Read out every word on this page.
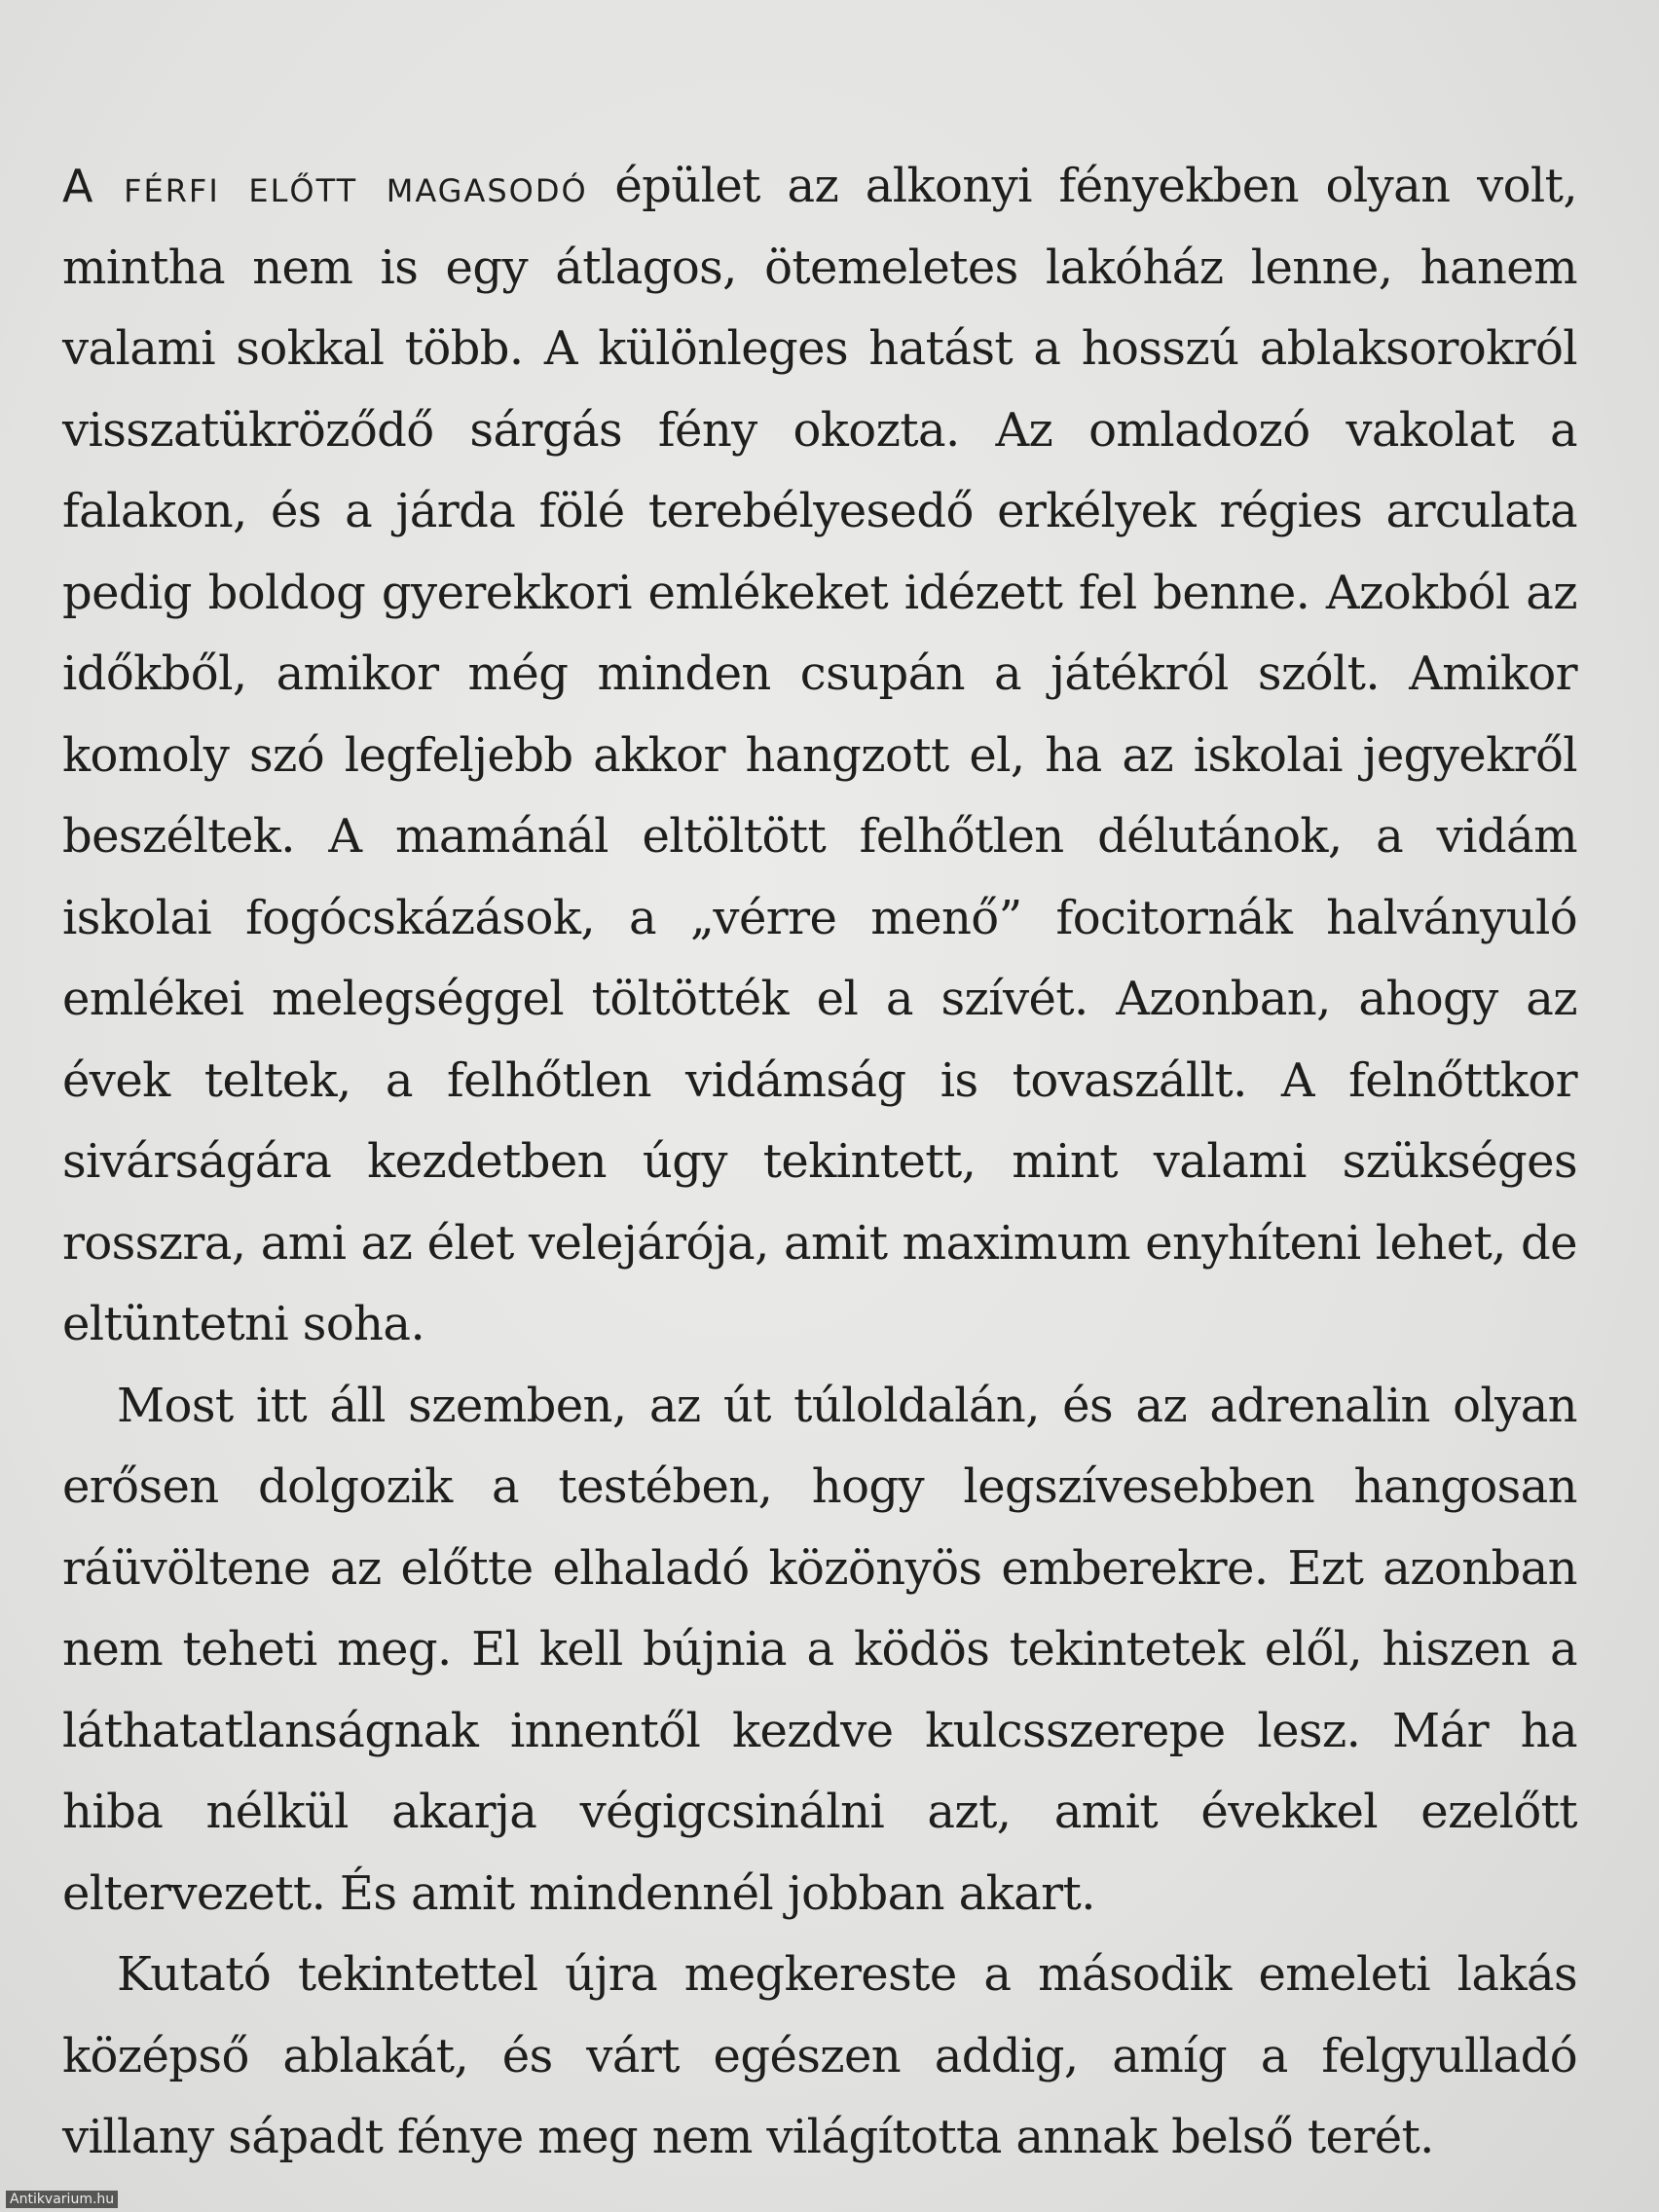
A férfi előtt magasodó épület az alkonyi fényekben olyan volt, mintha nem is egy átlagos, ötemeletes lakóház lenne, hanem valami sokkal több. A különleges hatást a hosszú ablaksorokról visszatükröződő sárgás fény okozta. Az omladozó vakolat a falakon, és a járda fölé terebélyesedő erkélyek régies arculata pedig boldog gyerekkori emlékeket idézett fel benne. Azokból az időkből, amikor még minden csupán a játékról szólt. Amikor komoly szó legfeljebb akkor hangzott el, ha az iskolai jegyekről beszéltek. A mamánál eltöltött felhőtlen délutánok, a vidám iskolai fogócskázások, a „vérre menő” focitornák halványuló emlékei melegséggel töltötték el a szívét. Azonban, ahogy az évek teltek, a felhőtlen vidámság is tovaszállt. A felnőttkor sivárságára kezdetben úgy tekintett, mint valami szükséges rosszra, ami az élet velejárója, amit maximum enyhíteni lehet, de eltüntetni soha.

Most itt áll szemben, az út túloldalán, és az adrenalin olyan erősen dolgozik a testében, hogy legszívesebben hangosan ráüvöltene az előtte elhaladó közönyös emberekre. Ezt azonban nem teheti meg. El kell bújnia a ködös tekintetek elől, hiszen a láthatatlanságnak innentől kezdve kulcsszerepe lesz. Már ha hiba nélkül akarja végigcsinálni azt, amit évekkel ezelőtt eltervezett. És amit mindennél jobban akart.

Kutató tekintettel újra megkereste a második emeleti lakás középső ablakát, és várt egészen addig, amíg a felgyulladó villany sápadt fénye meg nem világította annak belső terét.

Antikvarium.hu
